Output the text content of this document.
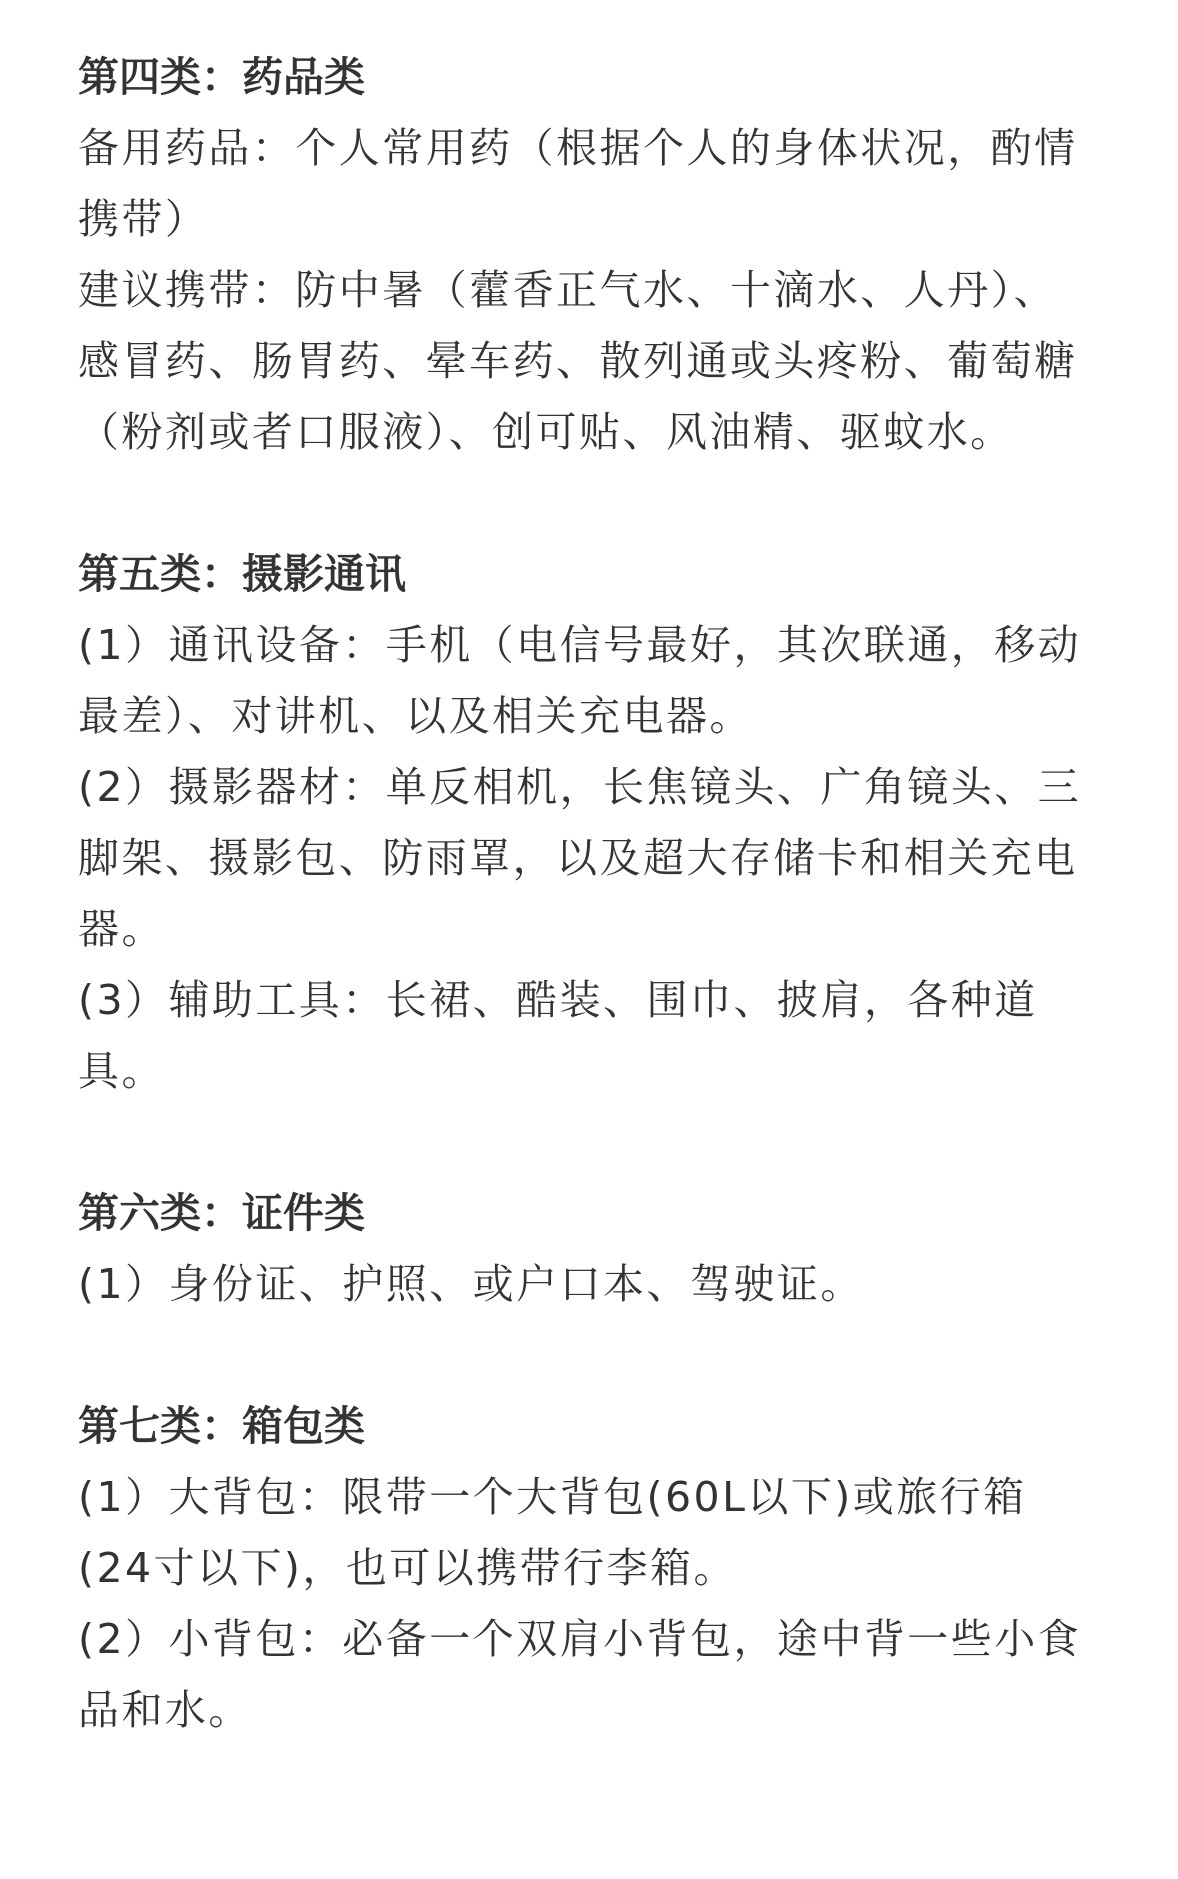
第四类：药品类

备用药品：个人常用药（根据个人的身体状况，酌情携带）

建议携带：防中暑（藿香正气水、十滴水、人丹）、感冒药、肠胃药、晕车药、散列通或头疼粉、葡萄糖（粉剂或者口服液）、创可贴、风油精、驱蚊水。

第五类：摄影通讯

(1）通讯设备：手机（电信号最好，其次联通，移动最差）、对讲机、以及相关充电器。

(2）摄影器材：单反相机，长焦镜头、广角镜头、三脚架、摄影包、防雨罩，以及超大存储卡和相关充电器。

(3）辅助工具：长裙、酷装、围巾、披肩，各种道具。

第六类：证件类

(1）身份证、护照、或户口本、驾驶证。

第七类：箱包类

(1）大背包：限带一个大背包(60L以下)或旅行箱(24寸以下)，也可以携带行李箱。

(2）小背包：必备一个双肩小背包，途中背一些小食品和水。
